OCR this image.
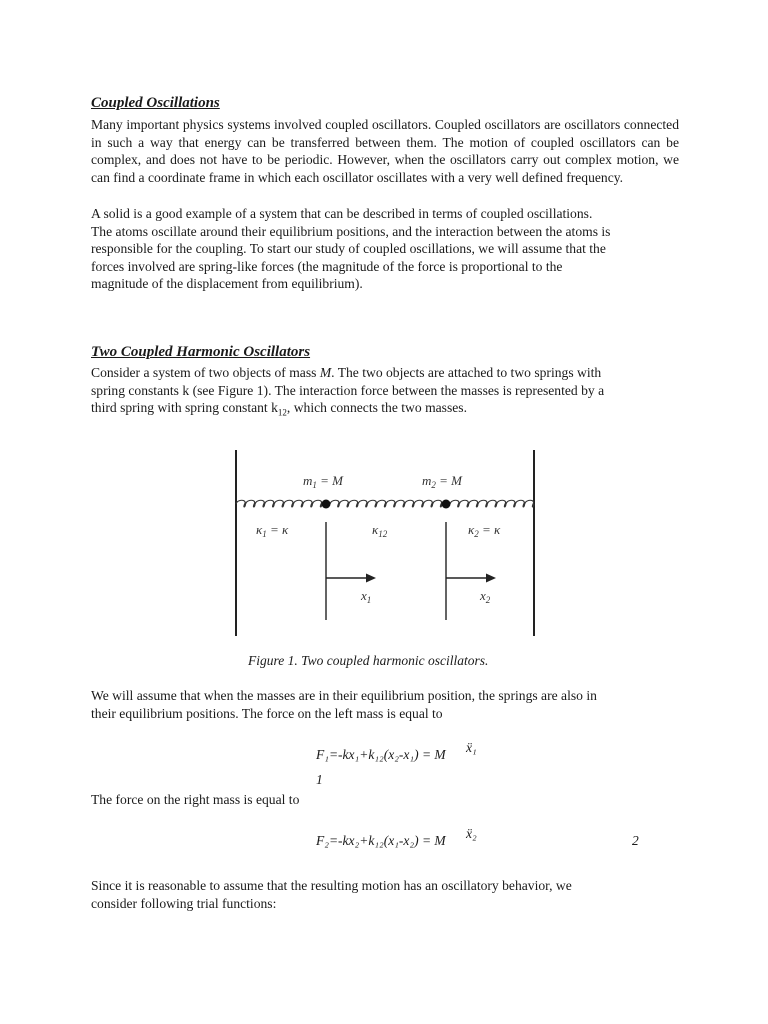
Coupled Oscillations

Many important physics systems involved coupled oscillators. Coupled oscillators are oscillators connected in such a way that energy can be transferred between them. The motion of coupled oscillators can be complex, and does not have to be periodic. However, when the oscillators carry out complex motion, we can find a coordinate frame in which each oscillator oscillates with a very well defined frequency.

A solid is a good example of a system that can be described in terms of coupled oscillations.
The atoms oscillate around their equilibrium positions, and the interaction between the atoms is
responsible for the coupling. To start our study of coupled oscillations, we will assume that the
forces involved are spring-like forces (the magnitude of the force is proportional to the
magnitude of the displacement from equilibrium).
Two Coupled Harmonic Oscillators
Consider a system of two objects of mass M. The two objects are attached to two springs with
spring constants k (see Figure 1). The interaction force between the masses is represented by a
third spring with spring constant $k_{12}$, which connects the two masses.
$m_1 = M$	$m_2 = M$
$\kappa_1 = \kappa$	$\kappa_{12}$	$\kappa_2 = \kappa$
$x_1$	$x_2$
Figure 1. Two coupled harmonic oscillators.
We will assume that when the masses are in their equilibrium position, the springs are also in
their equilibrium positions. The force on the left mass is equal to
F₁=-kx₁+k₁₂(x₂-x₁) = M ẍ₁
1
The force on the right mass is equal to
F₂=-kx₂+k₁₂(x₁-x₂) = M ẍ₂	2
Since it is reasonable to assume that the resulting motion has an oscillatory behavior, we
consider following trial functions:
